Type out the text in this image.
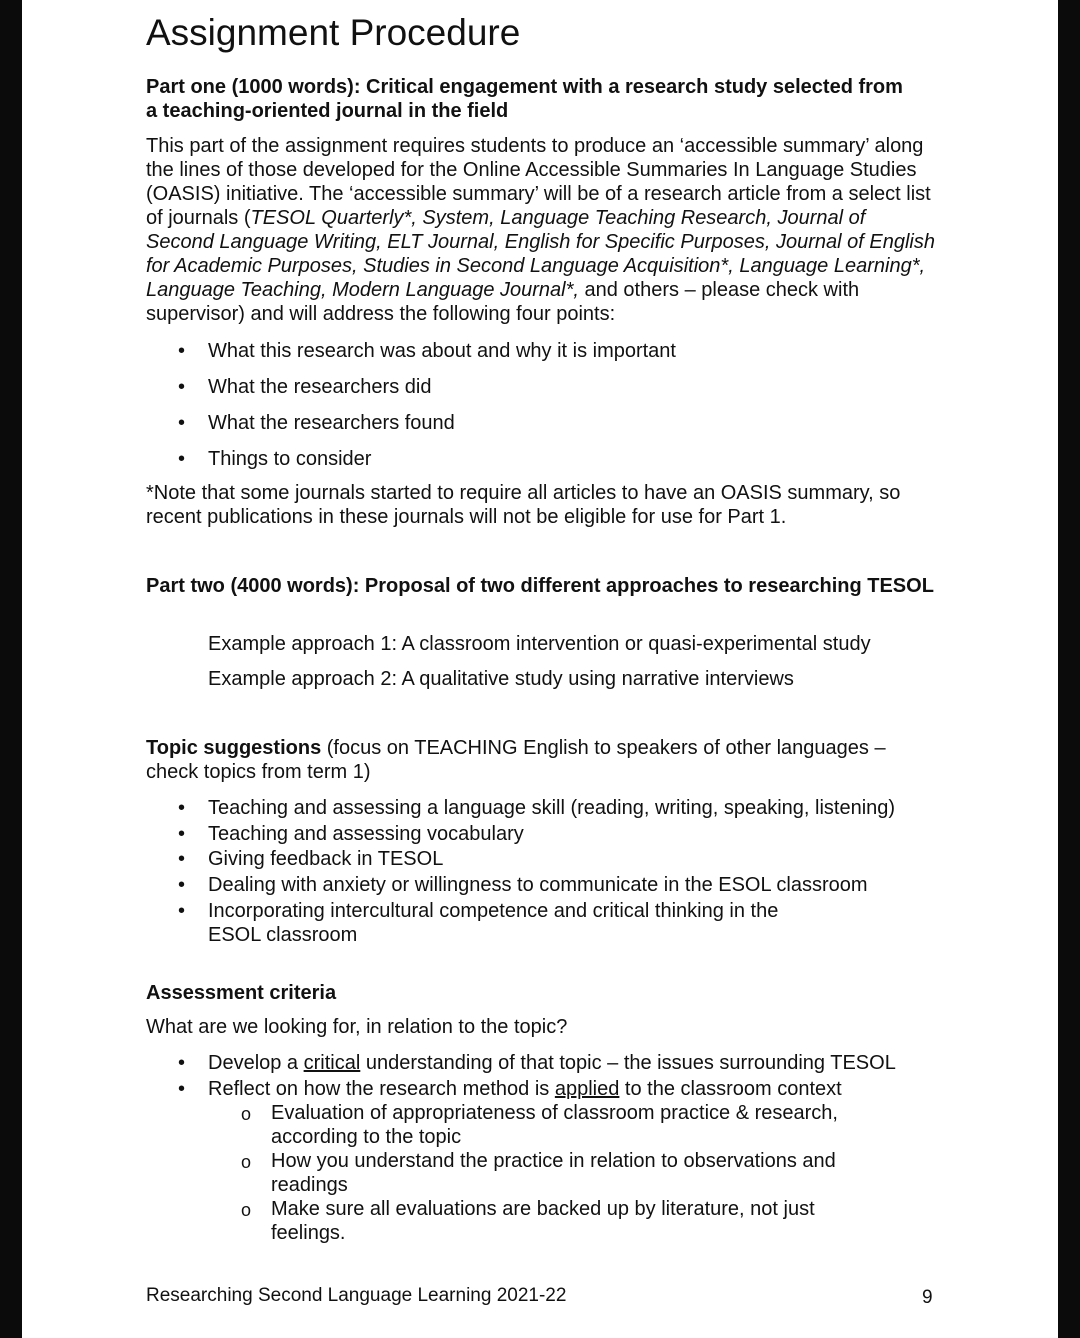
Assignment Procedure
Part one (1000 words): Critical engagement with a research study selected from a teaching-oriented journal in the field
This part of the assignment requires students to produce an ‘accessible summary’ along the lines of those developed for the Online Accessible Summaries In Language Studies (OASIS) initiative. The ‘accessible summary’ will be of a research article from a select list of journals (TESOL Quarterly*, System, Language Teaching Research, Journal of Second Language Writing, ELT Journal, English for Specific Purposes, Journal of English for Academic Purposes, Studies in Second Language Acquisition*, Language Learning*, Language Teaching, Modern Language Journal*, and others – please check with supervisor) and will address the following four points:
• What this research was about and why it is important
• What the researchers did
• What the researchers found
• Things to consider
*Note that some journals started to require all articles to have an OASIS summary, so recent publications in these journals will not be eligible for use for Part 1.
Part two (4000 words): Proposal of two different approaches to researching TESOL
Example approach 1: A classroom intervention or quasi-experimental study
Example approach 2: A qualitative study using narrative interviews
Topic suggestions (focus on TEACHING English to speakers of other languages – check topics from term 1)
• Teaching and assessing a language skill (reading, writing, speaking, listening)
• Teaching and assessing vocabulary
• Giving feedback in TESOL
• Dealing with anxiety or willingness to communicate in the ESOL classroom
• Incorporating intercultural competence and critical thinking in the ESOL classroom
Assessment criteria
What are we looking for, in relation to the topic?
• Develop a critical understanding of that topic – the issues surrounding TESOL
• Reflect on how the research method is applied to the classroom context
o Evaluation of appropriateness of classroom practice & research, according to the topic
o How you understand the practice in relation to observations and readings
o Make sure all evaluations are backed up by literature, not just feelings.
Researching Second Language Learning 2021-22	9
